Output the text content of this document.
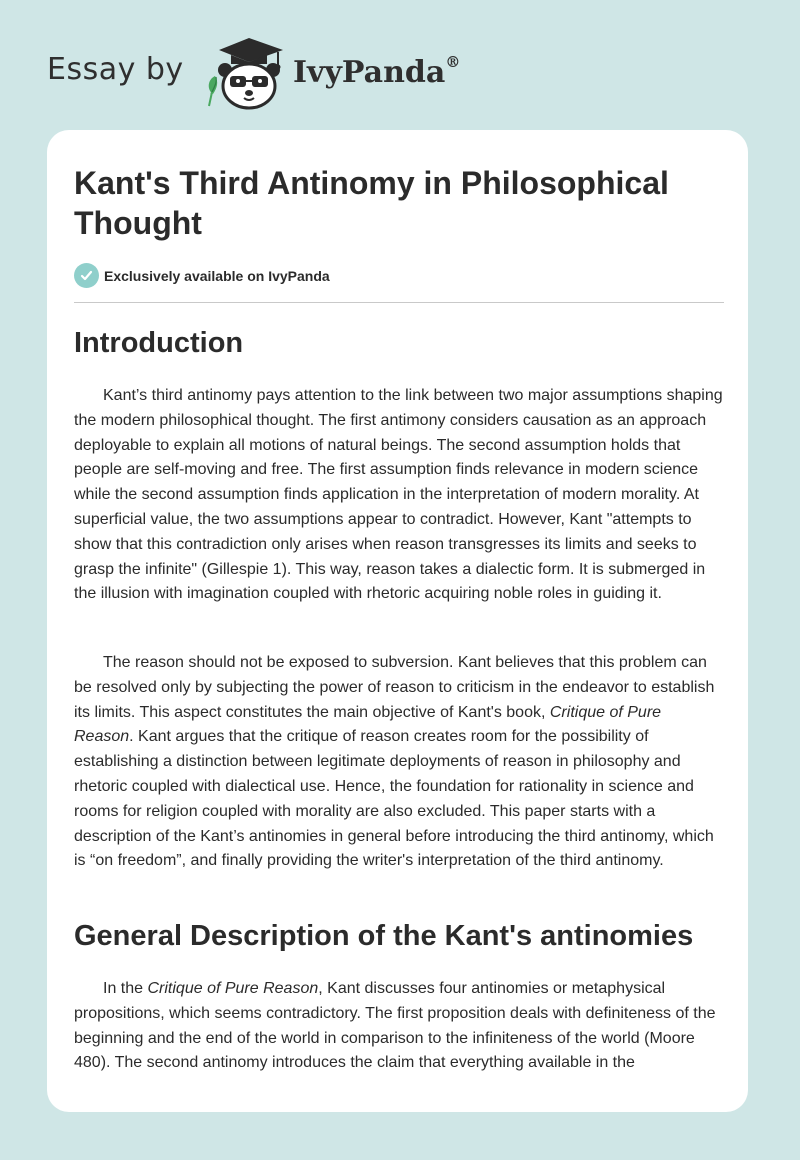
Essay by	IvyPanda®
Kant's Third Antinomy in Philosophical Thought
Exclusively available on IvyPanda
Introduction

Kant’s third antinomy pays attention to the link between two major assumptions shaping the modern philosophical thought. The first antimony considers causation as an approach deployable to explain all motions of natural beings. The second assumption holds that people are self-moving and free. The first assumption finds relevance in modern science while the second assumption finds application in the interpretation of modern morality. At superficial value, the two assumptions appear to contradict. However, Kant "attempts to show that this contradiction only arises when reason transgresses its limits and seeks to grasp the infinite" (Gillespie 1). This way, reason takes a dialectic form. It is submerged in the illusion with imagination coupled with rhetoric acquiring noble roles in guiding it.

The reason should not be exposed to subversion. Kant believes that this problem can be resolved only by subjecting the power of reason to criticism in the endeavor to establish its limits. This aspect constitutes the main objective of Kant's book, Critique of Pure Reason. Kant argues that the critique of reason creates room for the possibility of establishing a distinction between legitimate deployments of reason in philosophy and rhetoric coupled with dialectical use. Hence, the foundation for rationality in science and rooms for religion coupled with morality are also excluded. This paper starts with a description of the Kant’s antinomies in general before introducing the third antinomy, which is “on freedom”, and finally providing the writer's interpretation of the third antinomy.

General Description of the Kant's antinomies

In the Critique of Pure Reason, Kant discusses four antinomies or metaphysical propositions, which seems contradictory. The first proposition deals with definiteness of the beginning and the end of the world in comparison to the infiniteness of the world (Moore 480). The second antinomy introduces the claim that everything available in the
